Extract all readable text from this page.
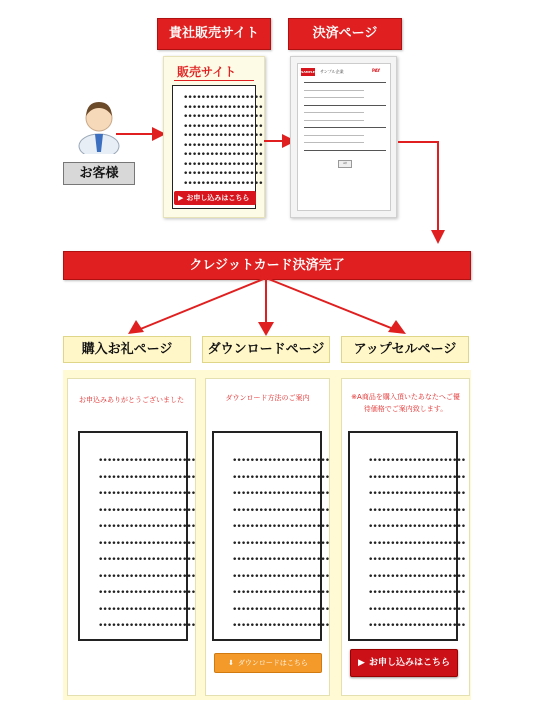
お客様
貴社販売サイト
販売サイト
••••••••••••••••••
••••••••••••••••••
••••••••••••••••••
••••••••••••••••••
••••••••••••••••••
••••••••••••••••••
••••••••••••••••••
••••••••••••••••••
••••••••••••••••••
••••••••••••••••••
▶ お申し込みはこちら
決済ページ
SAMPLE サンプル企業	PAY
送信
クレジットカード決済完了
購入お礼ページ	ダウンロードページ	アップセルページ
お申込みありがとうございました
••••••••••••••••••••••
••••••••••••••••••••••
••••••••••••••••••••••
••••••••••••••••••••••
••••••••••••••••••••••
••••••••••••••••••••••
••••••••••••••••••••••
••••••••••••••••••••••
••••••••••••••••••••••
••••••••••••••••••••••
••••••••••••••••••••••
ダウンロード方法のご案内
••••••••••••••••••••••
••••••••••••••••••••••
••••••••••••••••••••••
••••••••••••••••••••••
••••••••••••••••••••••
••••••••••••••••••••••
••••••••••••••••••••••
••••••••••••••••••••••
••••••••••••••••••••••
••••••••••••••••••••••
••••••••••••••••••••••
⬇ ダウンロードはこちら
※A商品を購入頂いたあなたへご優待価格でご案内致します。
••••••••••••••••••••••
••••••••••••••••••••••
••••••••••••••••••••••
••••••••••••••••••••••
••••••••••••••••••••••
••••••••••••••••••••••
••••••••••••••••••••••
••••••••••••••••••••••
••••••••••••••••••••••
••••••••••••••••••••••
••••••••••••••••••••••
▶ お申し込みはこちら
